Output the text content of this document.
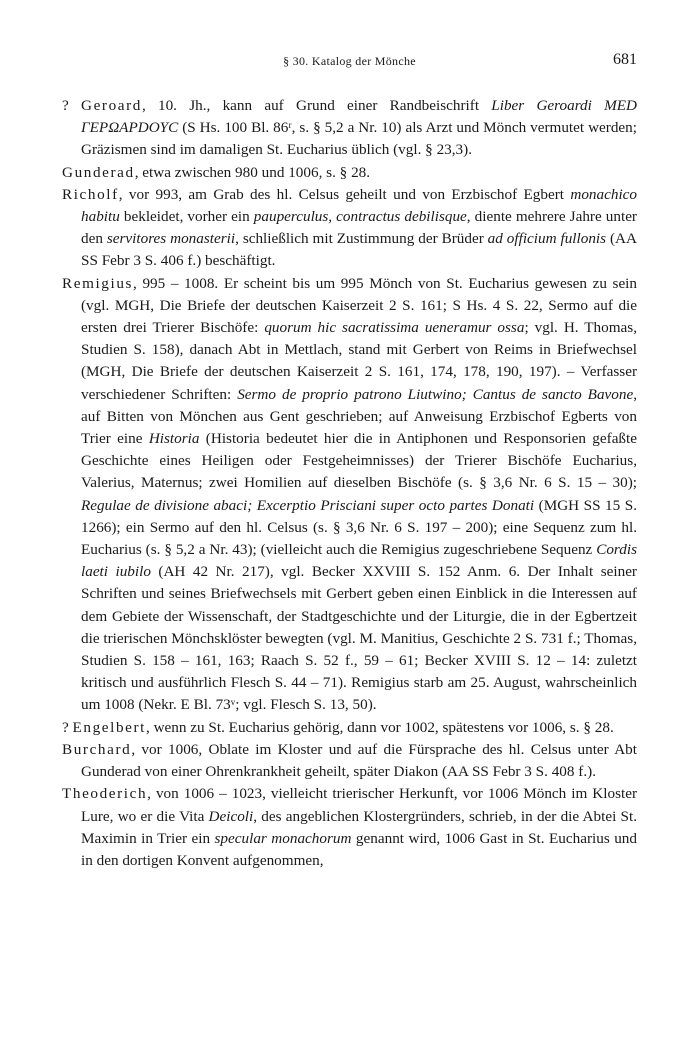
§ 30. Katalog der Mönche	681

? Geroard, 10. Jh., kann auf Grund einer Randbeischrift Liber Geroardi MED ΓΕΡΩΑΡDOYC (S Hs. 100 Bl. 86ʳ, s. § 5,2 a Nr. 10) als Arzt und Mönch vermutet werden; Gräzismen sind im damaligen St. Eucharius üblich (vgl. § 23,3).

Gunderad, etwa zwischen 980 und 1006, s. § 28.

Richolf, vor 993, am Grab des hl. Celsus geheilt und von Erzbischof Egbert monachico habitu bekleidet, vorher ein pauperculus, contractus debilisque, diente mehrere Jahre unter den servitores monasterii, schließlich mit Zustimmung der Brüder ad officium fullonis (AA SS Febr 3 S. 406 f.) beschäftigt.

Remigius, 995 – 1008. Er scheint bis um 995 Mönch von St. Eucharius gewesen zu sein (vgl. MGH, Die Briefe der deutschen Kaiserzeit 2 S. 161; S Hs. 4 S. 22, Sermo auf die ersten drei Trierer Bischöfe: quorum hic sacratissima ueneramur ossa; vgl. H. Thomas, Studien S. 158), danach Abt in Mettlach, stand mit Gerbert von Reims in Briefwechsel (MGH, Die Briefe der deutschen Kaiserzeit 2 S. 161, 174, 178, 190, 197). – Verfasser verschiedener Schriften: Sermo de proprio patrono Liutwino; Cantus de sancto Bavone, auf Bitten von Mönchen aus Gent geschrieben; auf Anweisung Erzbischof Egberts von Trier eine Historia (Historia bedeutet hier die in Antiphonen und Responsorien gefaßte Geschichte eines Heiligen oder Festgeheimnisses) der Trierer Bischöfe Eucharius, Valerius, Maternus; zwei Homilien auf dieselben Bischöfe (s. § 3,6 Nr. 6 S. 15 – 30); Regulae de divisione abaci; Excerptio Prisciani super octo partes Donati (MGH SS 15 S. 1266); ein Sermo auf den hl. Celsus (s. § 3,6 Nr. 6 S. 197 – 200); eine Sequenz zum hl. Eucharius (s. § 5,2 a Nr. 43); (vielleicht auch die Remigius zugeschriebene Sequenz Cordis laeti iubilo (AH 42 Nr. 217), vgl. Becker XXVIII S. 152 Anm. 6. Der Inhalt seiner Schriften und seines Briefwechsels mit Gerbert geben einen Einblick in die Interessen auf dem Gebiete der Wissenschaft, der Stadtgeschichte und der Liturgie, die in der Egbertzeit die trierischen Mönchsklöster bewegten (vgl. M. Manitius, Geschichte 2 S. 731 f.; Thomas, Studien S. 158 – 161, 163; Raach S. 52 f., 59 – 61; Becker XVIII S. 12 – 14: zuletzt kritisch und ausführlich Flesch S. 44 – 71). Remigius starb am 25. August, wahrscheinlich um 1008 (Nekr. E Bl. 73ᵛ; vgl. Flesch S. 13, 50).

? Engelbert, wenn zu St. Eucharius gehörig, dann vor 1002, spätestens vor 1006, s. § 28.

Burchard, vor 1006, Oblate im Kloster und auf die Fürsprache des hl. Celsus unter Abt Gunderad von einer Ohrenkrankheit geheilt, später Diakon (AA SS Febr 3 S. 408 f.).

Theoderich, von 1006 – 1023, vielleicht trierischer Herkunft, vor 1006 Mönch im Kloster Lure, wo er die Vita Deicoli, des angeblichen Klostergründers, schrieb, in der die Abtei St. Maximin in Trier ein specular monachorum genannt wird, 1006 Gast in St. Eucharius und in den dortigen Konvent aufgenommen,
